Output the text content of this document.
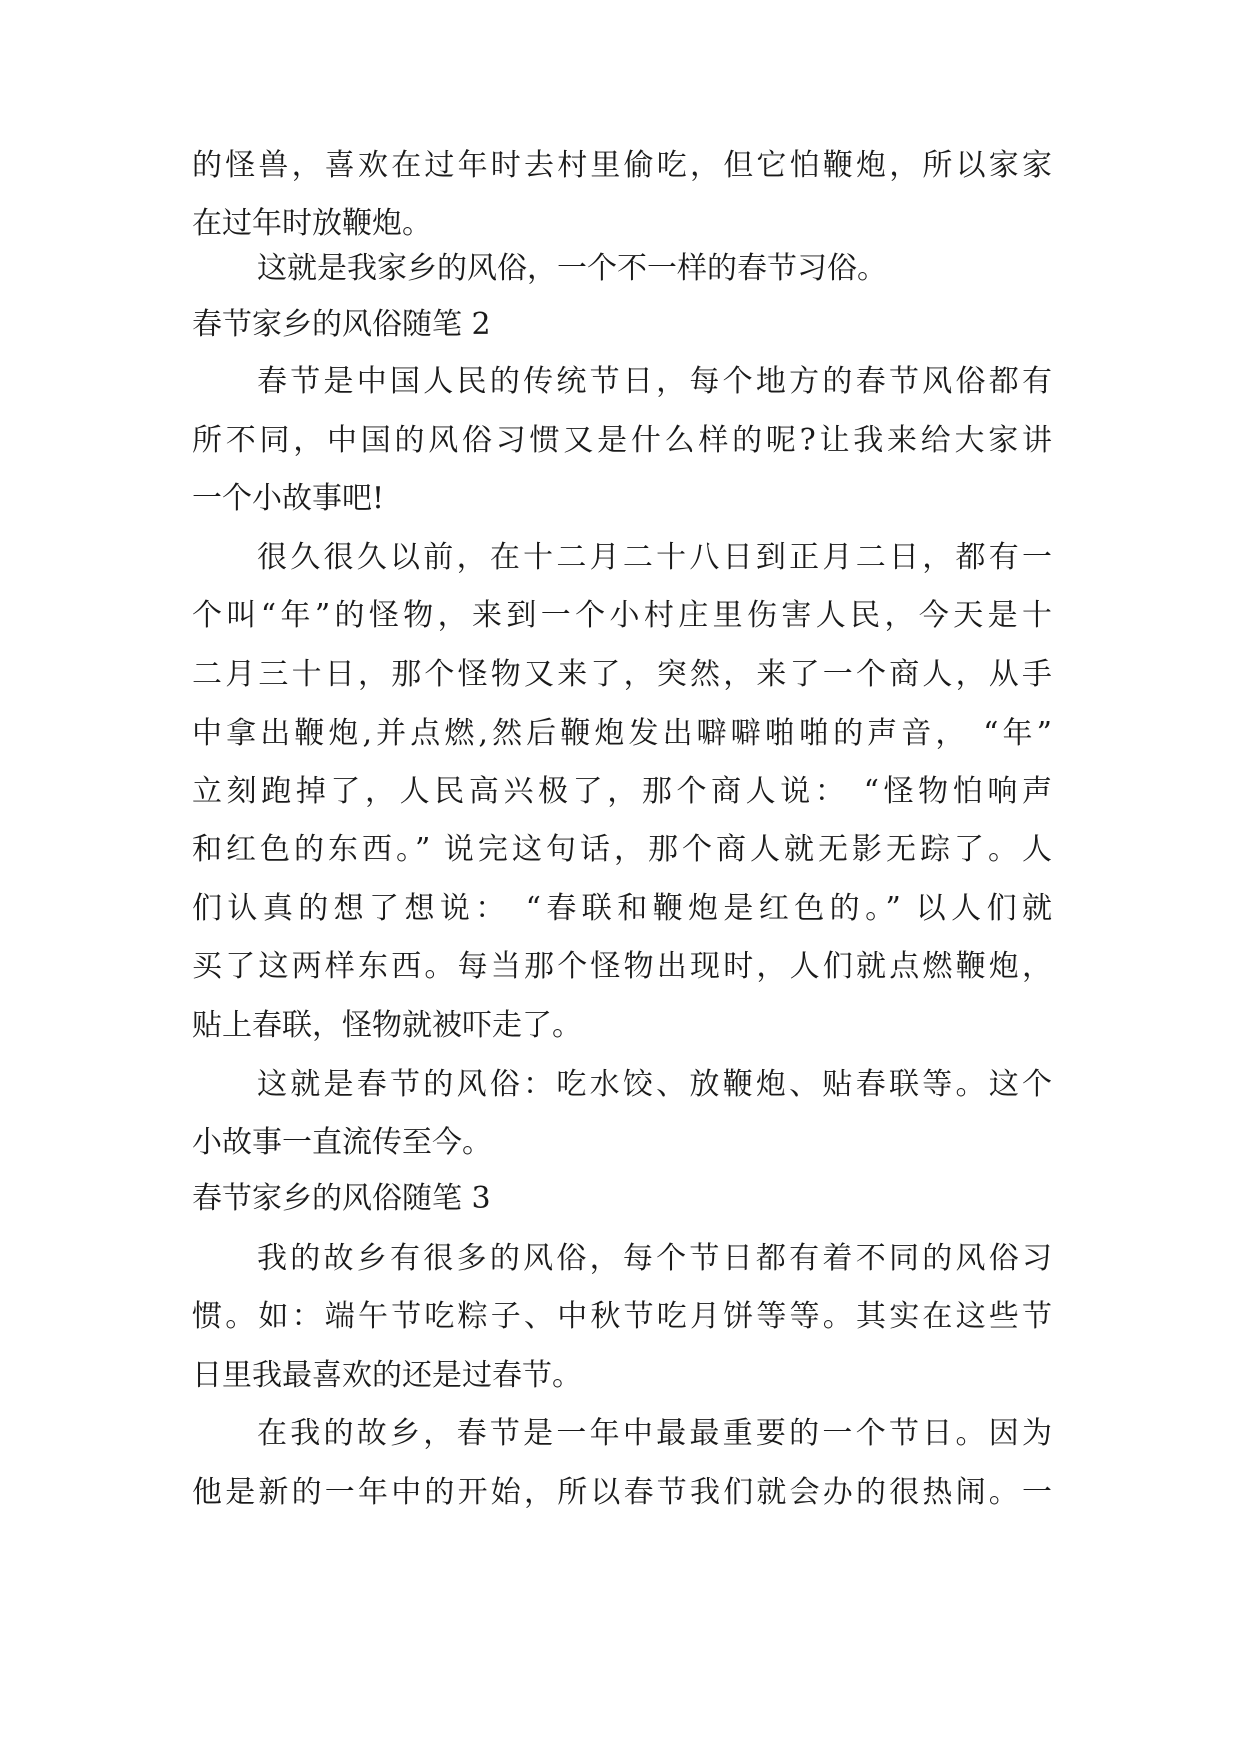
的怪兽，喜欢在过年时去村里偷吃，但它怕鞭炮，所以家家
在过年时放鞭炮。
这就是我家乡的风俗，一个不一样的春节习俗。
春节家乡的风俗随笔 2
春节是中国人民的传统节日，每个地方的春节风俗都有
所不同，中国的风俗习惯又是什么样的呢?让我来给大家讲
一个小故事吧!
很久很久以前，在十二月二十八日到正月二日，都有一
个叫“年”的怪物，来到一个小村庄里伤害人民，今天是十
二月三十日，那个怪物又来了，突然，来了一个商人，从手
中拿出鞭炮,并点燃,然后鞭炮发出噼噼啪啪的声音， “年”
立刻跑掉了，人民高兴极了，那个商人说： “怪物怕响声
和红色的东西。” 说完这句话，那个商人就无影无踪了。人
们认真的想了想说： “春联和鞭炮是红色的。” 以人们就
买了这两样东西。每当那个怪物出现时，人们就点燃鞭炮，
贴上春联，怪物就被吓走了。
这就是春节的风俗：吃水饺、放鞭炮、贴春联等。这个
小故事一直流传至今。
春节家乡的风俗随笔 3
我的故乡有很多的风俗，每个节日都有着不同的风俗习
惯。如：端午节吃粽子、中秋节吃月饼等等。其实在这些节
日里我最喜欢的还是过春节。
在我的故乡，春节是一年中最最重要的一个节日。因为
他是新的一年中的开始，所以春节我们就会办的很热闹。一
